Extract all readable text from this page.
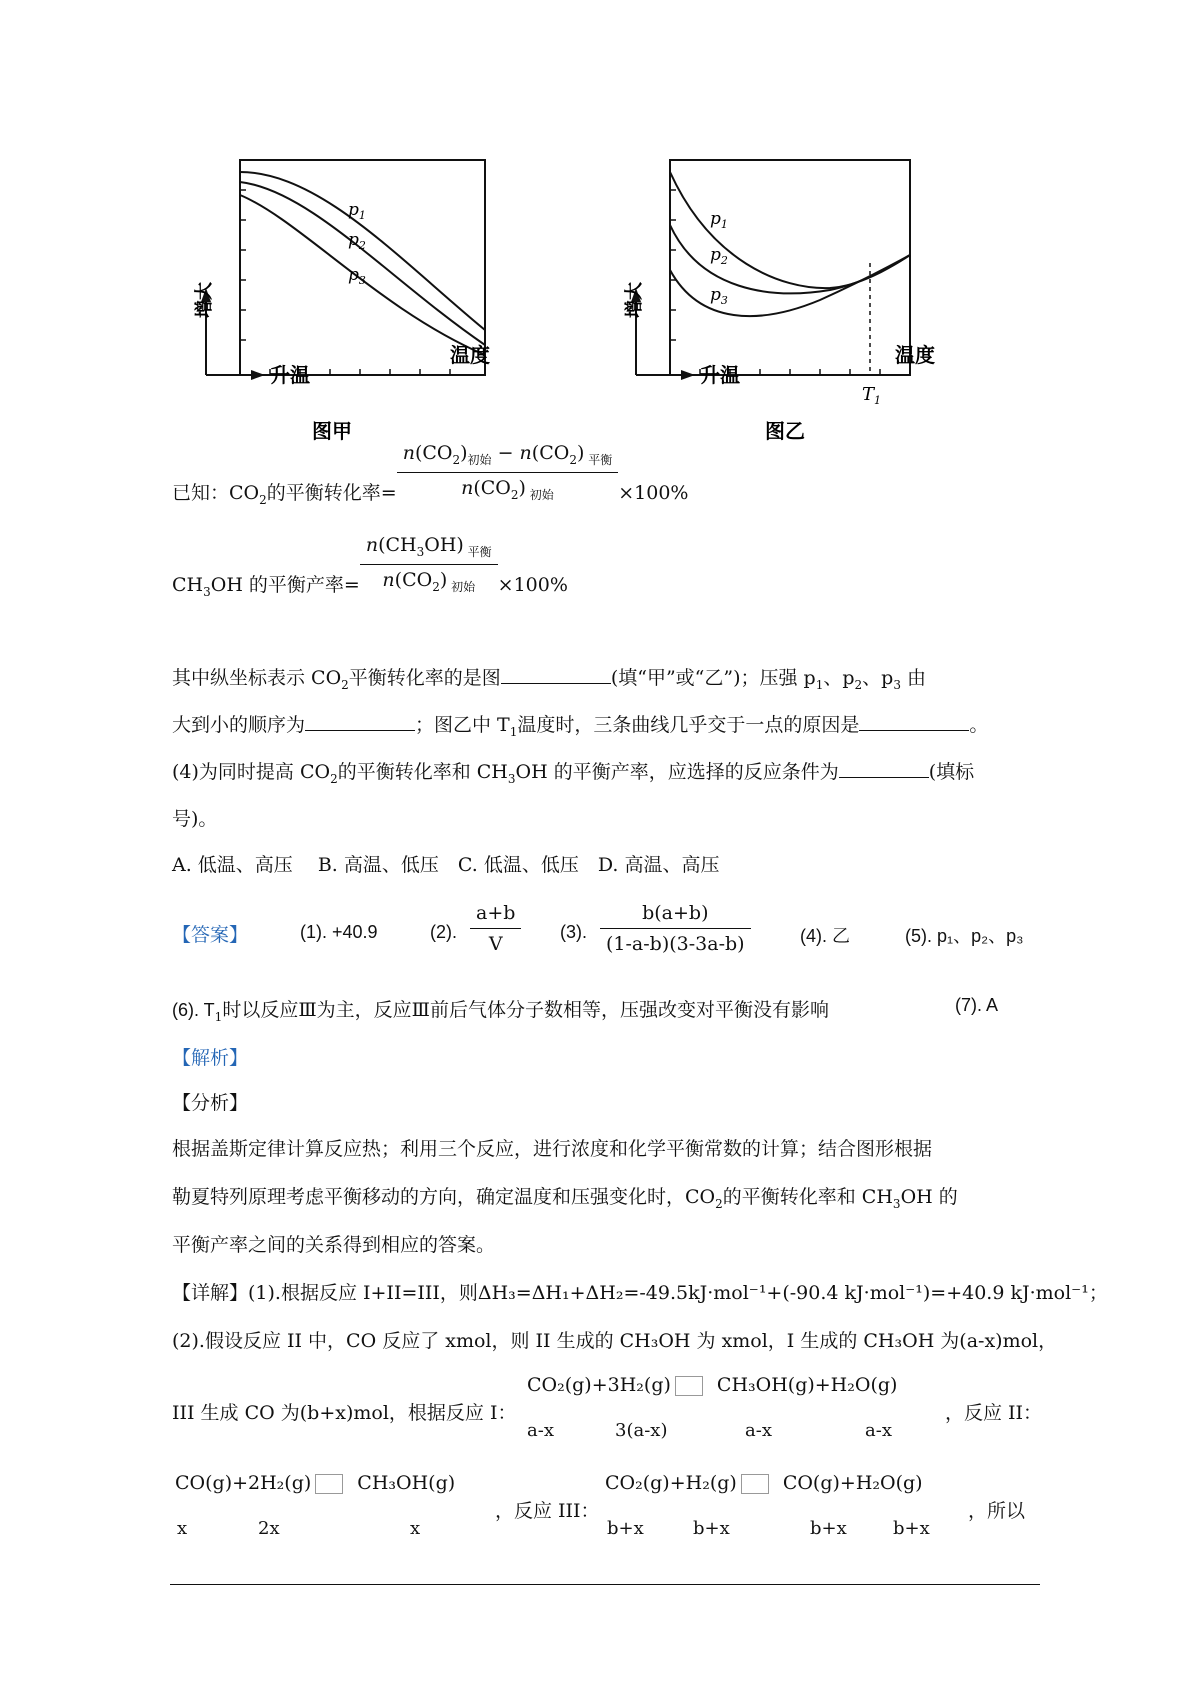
$p_1$
$p_2$
$p_3$
增大
升温
温度
图甲
$p_1$
$p_2$
$p_3$
增大
升温
$T_1$
温度
图乙
已知：$CO_2$的平衡转化率= $\frac{n(CO_2)_{初始} - n(CO_2) _{平衡}}{n(CO_2) _{初始}} \times 100\%$
$CH_3OH$ 的平衡产率= $\frac{n(CH_3OH) _{平衡}}{n(CO_2) _{初始}} \times 100\%$
其中纵坐标表示 $CO_2$平衡转化率的是图	(填“甲”或“乙”)；压强 $p_1$、$p_2$、$p_3$ 由
大到小的顺序为	；图乙中 $T_1$温度时，三条曲线几乎交于一点的原因是	。
(4)为同时提高 $CO_2$的平衡转化率和 $CH_3OH$ 的平衡产率，应选择的反应条件为	(填标
号)。
A. 低温、高压　 B. 高温、低压　C. 低温、低压　D. 高温、高压
【答案】	(1). +40.9	(2). $\frac{a+b}{V} (3)$. $\frac{b(a+b)}{(1-a-b)(3-3a-b)}$	(4). 乙	(5). p₁、p₂、p₃
(6). $T_1$时以反应Ⅲ为主，反应Ⅲ前后气体分子数相等，压强改变对平衡没有影响	(7). A
【解析】
【分析】
根据盖斯定律计算反应热；利用三个反应，进行浓度和化学平衡常数的计算；结合图形根据
勒夏特列原理考虑平衡移动的方向，确定温度和压强变化时，$CO_2$的平衡转化率和 $CH_3OH$ 的
平衡产率之间的关系得到相应的答案。
【详解】(1).根据反应 I+II=III，则ΔH₃=ΔH₁+ΔH₂=-49.5kJ·mol⁻¹+(-90.4 kJ·mol⁻¹)=+40.9 kJ·mol⁻¹；
(2).假设反应 II 中，CO 反应了 xmol，则 II 生成的 CH₃OH 为 xmol，I 生成的 CH₃OH 为(a-x)mol，
III 生成 CO 为(b+x)mol，根据反应 I：
CO₂(g)+3H₂(g) CH₃OH(g)+H₂O(g)
a-x	3(a-x)	a-x	a-x
，反应 II：
CO(g)+2H₂(g) CH₃OH(g)
x	2x	x
，反应 III：
CO₂(g)+H₂(g) CO(g)+H₂O(g)
b+x	b+x	b+x	b+x
，所以
